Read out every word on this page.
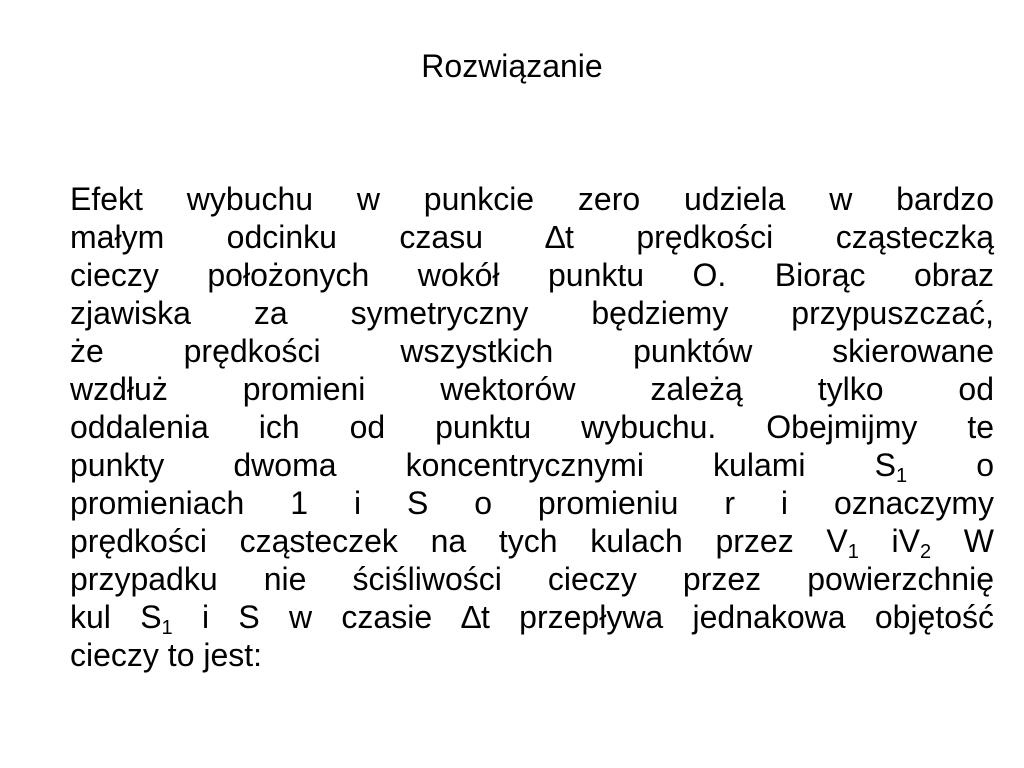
Rozwiązanie
Efekt wybuchu w punkcie zero udziela w bardzo
małym odcinku czasu ∆t prędkości cząsteczką
cieczy położonych wokół punktu O. Biorąc obraz
zjawiska za symetryczny będziemy przypuszczać,
że prędkości wszystkich punktów skierowane
wzdłuż promieni wektorów zależą tylko od
oddalenia ich od punktu wybuchu. Obejmijmy te
punkty dwoma koncentrycznymi kulami $S_1$ o
promieniach 1 i S o promieniu r i oznaczymy
prędkości cząsteczek na tych kulach przez $V_1$ $iV_2$ W
przypadku nie ściśliwości cieczy przez powierzchnię
kul $S_1$ i S w czasie ∆t przepływa jednakowa objętość
cieczy to jest:
